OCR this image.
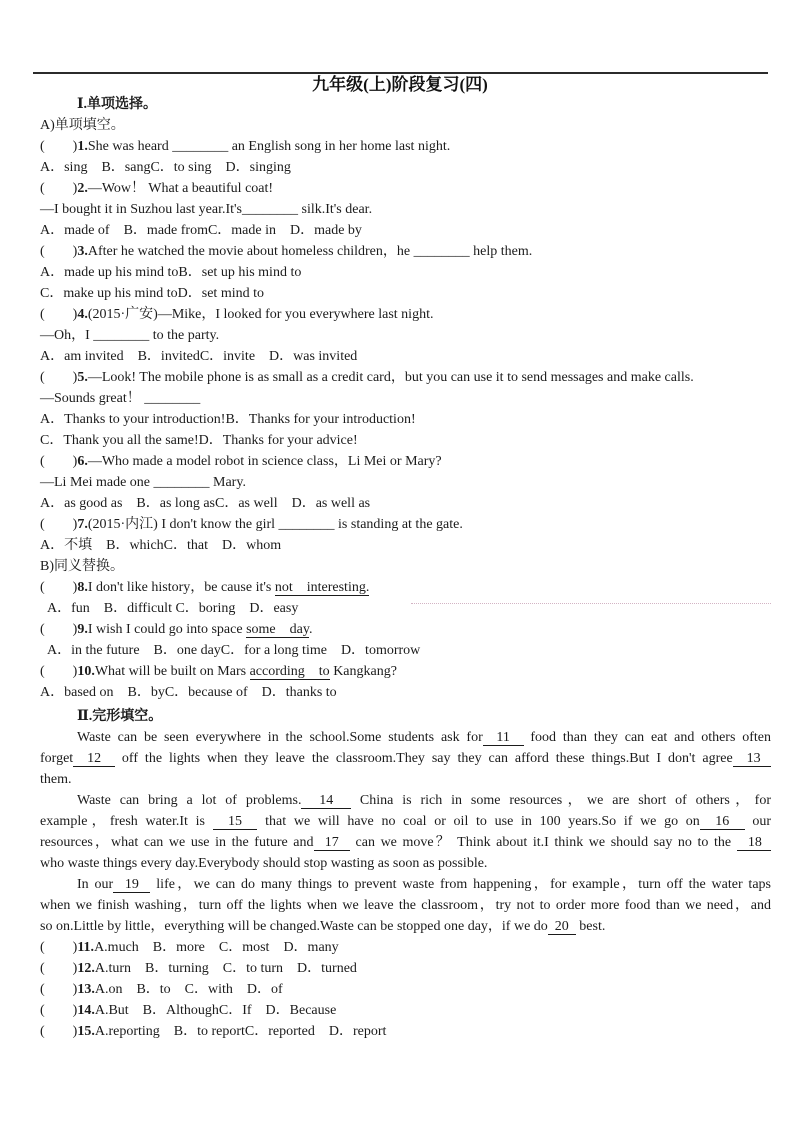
九年级(上)阶段复习(四)
Ⅰ.单项选择。
A)单项填空。
(　　)1.She was heard ________ an English song in her home last night.
A．sing　B．sangC．to sing　D．singing
(　　)2.—Wow！ What a beautiful coat!
—I bought it in Suzhou last year.It's________ silk.It's dear.
A．made of　B．made fromC．made in　D．made by
(　　)3.After he watched the movie about homeless children，he ________ help them.
A．made up his mind toB．set up his mind to
C．make up his mind toD．set mind to
(　　)4.(2015·广安)—Mike，I looked for you everywhere last night.
—Oh，I ________ to the party.
A．am invited　B．invitedC．invite　D．was invited
(　　)5.—Look! The mobile phone is as small as a credit card，but you can use it to send messages and make calls.
—Sounds great！ ________
A．Thanks to your introduction!B．Thanks for your introduction!
C．Thank you all the same!D．Thanks for your advice!
(　　)6.—Who made a model robot in science class，Li Mei or Mary?
—Li Mei made one ________ Mary.
A．as good as　B．as long asC．as well　D．as well as
(　　)7.(2015·内江) I don't know the girl ________ is standing at the gate.
A．不填　B．whichC．that　D．whom
B)同义替换。
(　　)8.I don't like history，be cause it's not　interesting.
A．fun　B．difficult C．boring　D．easy
(　　)9.I wish I could go into space some　day.
A．in the future　B．one dayC．for a long time　D．tomorrow
(　　)10.What will be built on Mars according　to Kangkang?
A．based on　B．byC．because of　D．thanks to
Ⅱ.完形填空。
Waste can be seen everywhere in the school.Some students ask for  11   food than they can eat and others often
forget  12   off the lights when they leave the classroom.They say they can afford these things.But I don't agree  13
them.
Waste can bring a lot of problems.  14   China is rich in some resources，we are short of others，for
example，fresh water.It is   15   that we will have no coal or oil to use in 100 years.So if we go on  16   our
resources，what can we use in the future and  17   can we move？ Think about it.I think we should say no to the   18
who waste things every day.Everybody should stop wasting as soon as possible.
In our  19   life，we can do many things to prevent waste from happening，for example，turn off the water taps
when we finish washing，turn off the lights when we leave the classroom，try not to order more food than we need，and
so on.Little by little，everything will be changed.Waste can be stopped one day，if we do  20   best.
(　　)11.A.much　B．more　C．most　D．many
(　　)12.A.turn　B．turning　C．to turn　D．turned
(　　)13.A.on　B．to　C．with　D．of
(　　)14.A.But　B．AlthoughC．If　D．Because
(　　)15.A.reporting　B．to reportC．reported　D．report
